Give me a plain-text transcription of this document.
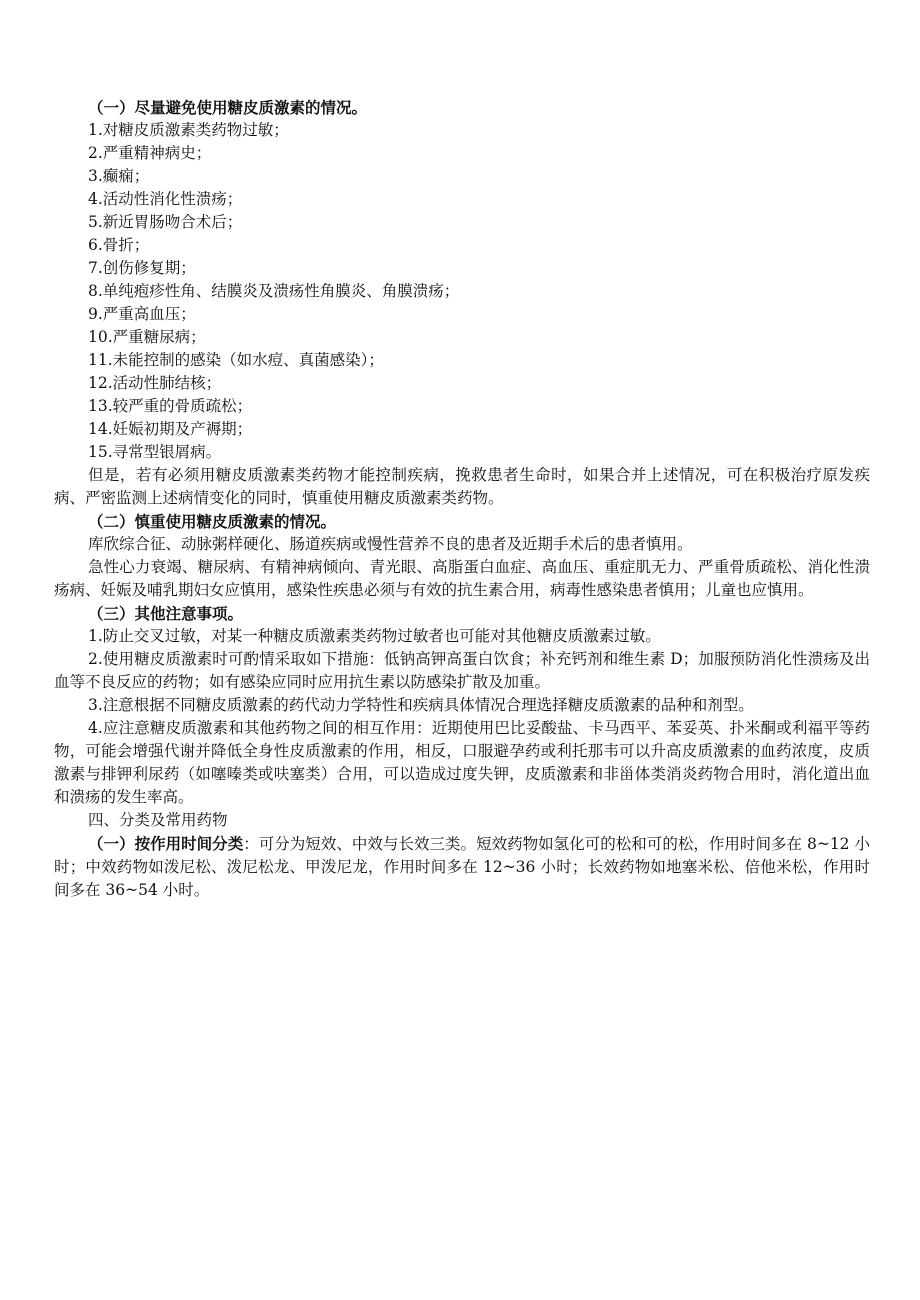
（一）尽量避免使用糖皮质激素的情况。
1.对糖皮质激素类药物过敏；
2.严重精神病史；
3.癫痫；
4.活动性消化性溃疡；
5.新近胃肠吻合术后；
6.骨折；
7.创伤修复期；
8.单纯疱疹性角、结膜炎及溃疡性角膜炎、角膜溃疡；
9.严重高血压；
10.严重糖尿病；
11.未能控制的感染（如水痘、真菌感染）；
12.活动性肺结核；
13.较严重的骨质疏松；
14.妊娠初期及产褥期；
15.寻常型银屑病。
但是，若有必须用糖皮质激素类药物才能控制疾病，挽救患者生命时，如果合并上述情况，可在积极治疗原发疾病、严密监测上述病情变化的同时，慎重使用糖皮质激素类药物。
（二）慎重使用糖皮质激素的情况。
库欣综合征、动脉粥样硬化、肠道疾病或慢性营养不良的患者及近期手术后的患者慎用。
急性心力衰竭、糖尿病、有精神病倾向、青光眼、高脂蛋白血症、高血压、重症肌无力、严重骨质疏松、消化性溃疡病、妊娠及哺乳期妇女应慎用，感染性疾患必须与有效的抗生素合用，病毒性感染患者慎用；儿童也应慎用。
（三）其他注意事项。
1.防止交叉过敏，对某一种糖皮质激素类药物过敏者也可能对其他糖皮质激素过敏。
2.使用糖皮质激素时可酌情采取如下措施：低钠高钾高蛋白饮食；补充钙剂和维生素 D；加服预防消化性溃疡及出血等不良反应的药物；如有感染应同时应用抗生素以防感染扩散及加重。
3.注意根据不同糖皮质激素的药代动力学特性和疾病具体情况合理选择糖皮质激素的品种和剂型。
4.应注意糖皮质激素和其他药物之间的相互作用：近期使用巴比妥酸盐、卡马西平、苯妥英、扑米酮或利福平等药物，可能会增强代谢并降低全身性皮质激素的作用，相反，口服避孕药或利托那韦可以升高皮质激素的血药浓度，皮质激素与排钾利尿药（如噻嗪类或呋塞类）合用，可以造成过度失钾，皮质激素和非甾体类消炎药物合用时，消化道出血和溃疡的发生率高。
四、分类及常用药物
（一）按作用时间分类：可分为短效、中效与长效三类。短效药物如氢化可的松和可的松，作用时间多在 8~12 小时；中效药物如泼尼松、泼尼松龙、甲泼尼龙，作用时间多在 12~36 小时；长效药物如地塞米松、倍他米松，作用时间多在 36~54 小时。
